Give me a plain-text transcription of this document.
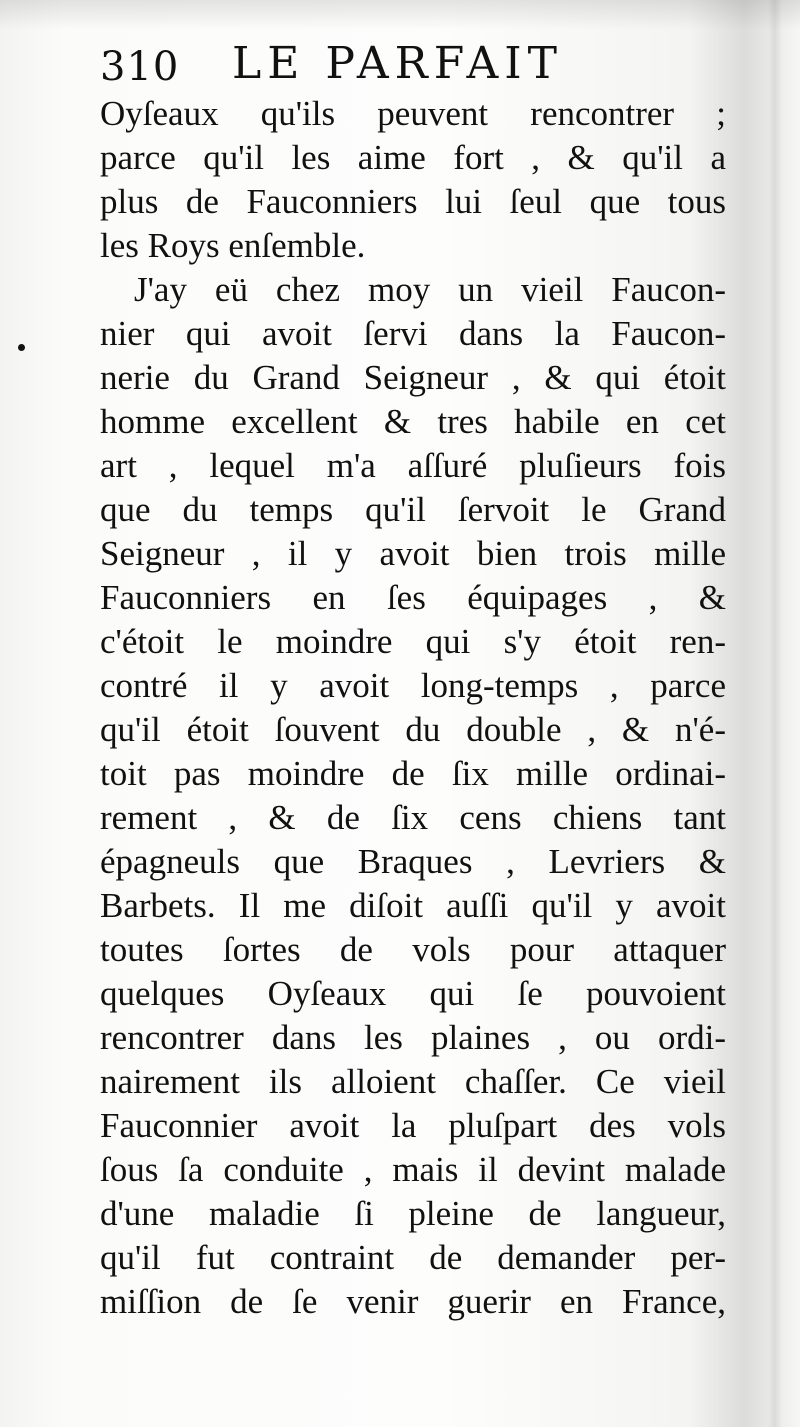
310 LE PARFAIT
Oyſeaux qu'ils peuvent rencontrer ;
parce qu'il les aime fort , & qu'il a
plus de Fauconniers lui ſeul que tous
les Roys enſemble.
J'ay eü chez moy un vieil Faucon-
nier qui avoit ſervi dans la Faucon-
nerie du Grand Seigneur , & qui étoit
homme excellent & tres habile en cet
art , lequel m'a aſſuré pluſieurs fois
que du temps qu'il ſervoit le Grand
Seigneur , il y avoit bien trois mille
Fauconniers en ſes équipages , &
c'étoit le moindre qui s'y étoit ren-
contré il y avoit long-temps , parce
qu'il étoit ſouvent du double , & n'é-
toit pas moindre de ſix mille ordinai-
rement , & de ſix cens chiens tant
épagneuls que Braques , Levriers &
Barbets. Il me diſoit auſſi qu'il y avoit
toutes ſortes de vols pour attaquer
quelques Oyſeaux qui ſe pouvoient
rencontrer dans les plaines , ou ordi-
nairement ils alloient chaſſer. Ce vieil
Fauconnier avoit la pluſpart des vols
ſous ſa conduite , mais il devint malade
d'une maladie ſi pleine de langueur,
qu'il fut contraint de demander per-
miſſion de ſe venir guerir en France,
